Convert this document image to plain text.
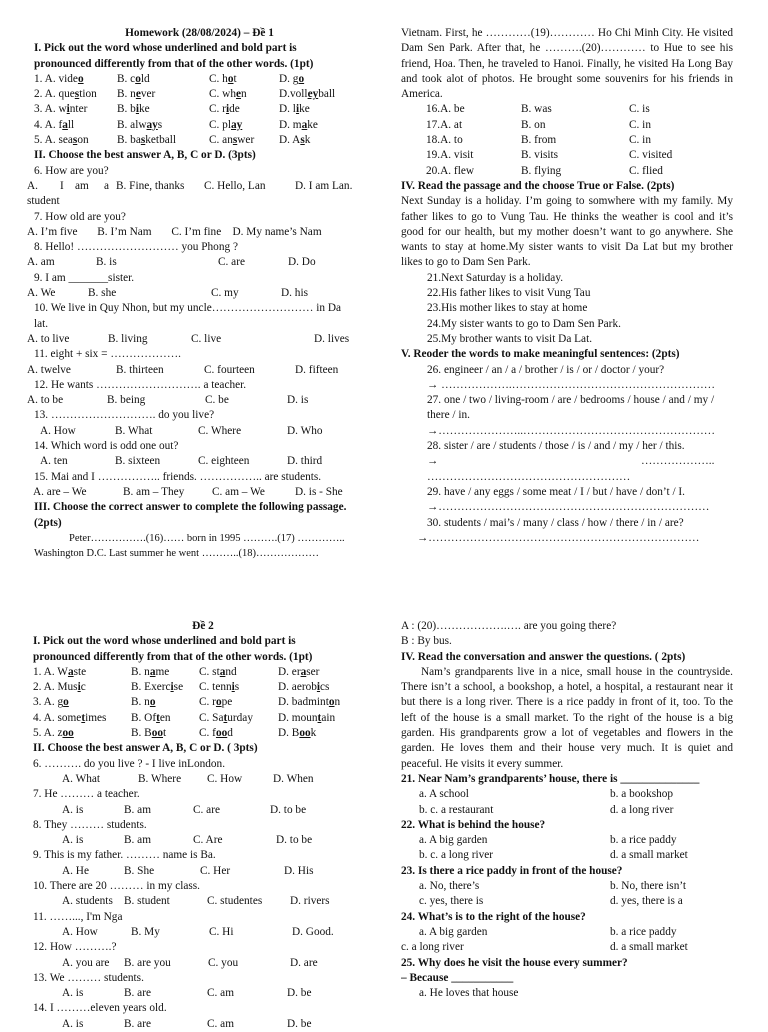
Homework (28/08/2024) – Đề 1
I. Pick out the word whose underlined and bold part is
pronounced differently from that of the other words. (1pt)
1. A. video	B. cold	C. hot	D. go
2. A. question B. never	C. when	D.volleyball
3. A. winter	B. bike	C. ride	D. like
4. A. fall	B. always	C. play	D. make
5. A. season	B. basketball	C. answer D. Ask
II. Choose the best answer A, B, C or D. (3pts)
6. How are you?
A. I am a B. Fine, thanks C. Hello, Lan	D. I am Lan.
student
7. How old are you?
A. I’m five       B. I’m Nam       C. I’m fine    D. My name’s Nam
8. Hello! ……………………… you Phong ?
A. am	B. is	C. are	D. Do
9. I am _______sister.
A. We	B. she	C. my	D. his
10. We live in Quy Nhon, but my uncle……………………… in Da
lat.
A. to live	B. living	C. live	D. lives
11. eight + six = ……………….
A. twelve	B. thirteen	C. fourteen	D. fifteen
12. He wants ………………………. a teacher.
A. to be	B. being	C. be	D. is
13. ………………………. do you live?
A. How	B. What	C. Where	D. Who
14. Which word is odd one out?
A. ten	B. sixteen	C. eighteen	D. third
15. Mai and I …………….. friends. …………….. are students.
A. are – We	B. am – They C. am – We	D. is - She
III. Choose the correct answer to complete the following passage.
(2pts)
Peter…………….(16)…… born in 1995 ……….(17) …………..
Washington D.C. Last summer he went ………..(18)………………
Vietnam. First, he …………(19)………… Ho Chi Minh City. He visited Dam Sen Park. After that, he ……….(20)………… to Hue to see his friend, Hoa. Then, he traveled to Hanoi. Finally, he visited Ha Long Bay and took alot of photos. He brought some souvenirs for his friends in America.
16.A. be	B. was	C. is
17.A. at	B. on	C. in
18.A. to	B. from	C. in
19.A. visit	B. visits	C. visited
20.A. flew	B. flying	C. flied
IV. Read the passage and the choose True or False. (2pts)
Next Sunday is a holiday. I’m going to somwhere with my family. My father likes to go to Vung Tau. He thinks the weather is cool and it’s good for our health, but my mother doesn’t want to go anywhere. She wants to stay at home.My sister wants to visit Da Lat but my brother likes to go to Dam Sen Park.
21.Next Saturday is a holiday.
22.His father likes to visit Vung Tau
23.His mother likes to stay at home
24.My sister wants to go to Dam Sen Park.
25.My brother wants to visit Da Lat.
V. Reoder the words to make meaningful sentences: (2pts)
26. engineer / an / a / brother / is / or / doctor / your?
→ ……………….………………………………………………
27. one / two / living-room / are / bedrooms / house / and / my /
there / in.
→…………………..……………………………………………
28. sister / are / students / those / is / and / my / her / this.
→	………………..
………………………………………………
29. have / any eggs / some meat / I / but / have / don’t / I.
→………………………………………………………………
30. students / mai’s / many / class / how / there / in / are?
→………………………………………………………………
Đề 2
I. Pick out the word whose underlined and bold part is
pronounced differently from that of the other words. (1pt)
1. A. Waste	B. name	C. stand	D. eraser
2. A. Music	B. Exercise C. tennis	D. aerobics
3. A. go	B. no	C. rope	D. badminton
4. A. sometimes B. Often	C. Saturday D. mountain
5. A. zoo	B. Boot	C. food	D. Book
II. Choose the best answer A, B, C or D. ( 3pts)
6. ………. do you live ? - I live inLondon.
A. What	B. Where C. How	D. When
7. He ……… a teacher.
A. is	B. am	C. are	D. to be
8. They ……… students.
A. is	B. am	C. Are	D. to be
9. This is my father. ……… name is Ba.
A. He	B. She	C. Her	D. His
10. There are 20 ……… in my class.
A. students B. student	C. studentes D. rivers
11. ……..., I'm Nga
A. How	B. My	C. Hi	D. Good.
12. How ……….?
A. you are B. are you	C. you	D. are
13. We ……… students.
A. is	B. are	C. am	D. be
14. I ………eleven years old.
A. is	B. are	C. am	D. be
A : (20)……………….…. are you going there?
B : By bus.
IV. Read the conversation and answer the questions. ( 2pts)
Nam’s grandparents live in a nice, small house in the countryside. There isn’t a school, a bookshop, a hotel, a hospital, a restaurant near it but there is a long river. There is a rice paddy in front of it, too. To the left of the house is a small market. To the right of the house is a big garden. His grandparents grow a lot of vegetables and flowers in the garden. He loves them and their house very much. It is quiet and peaceful. He visits it every summer.
21. Near Nam’s grandparents’ house, there is ______________
a. A school	b. a bookshop
b. c. a restaurant	d. a long river
22. What is behind the house?
a. A big garden	b. a rice paddy
b. c. a long river	d. a small market
23. Is there a rice paddy in front of the house?
a. No, there’s	b. No, there isn’t
c. yes, there is	d. yes, there is a
24. What’s is to the right of the house?
a. A big garden	b. a rice paddy
c. a long river	d. a small market
25. Why does he visit the house every summer?
– Because ___________
a. He loves that house
